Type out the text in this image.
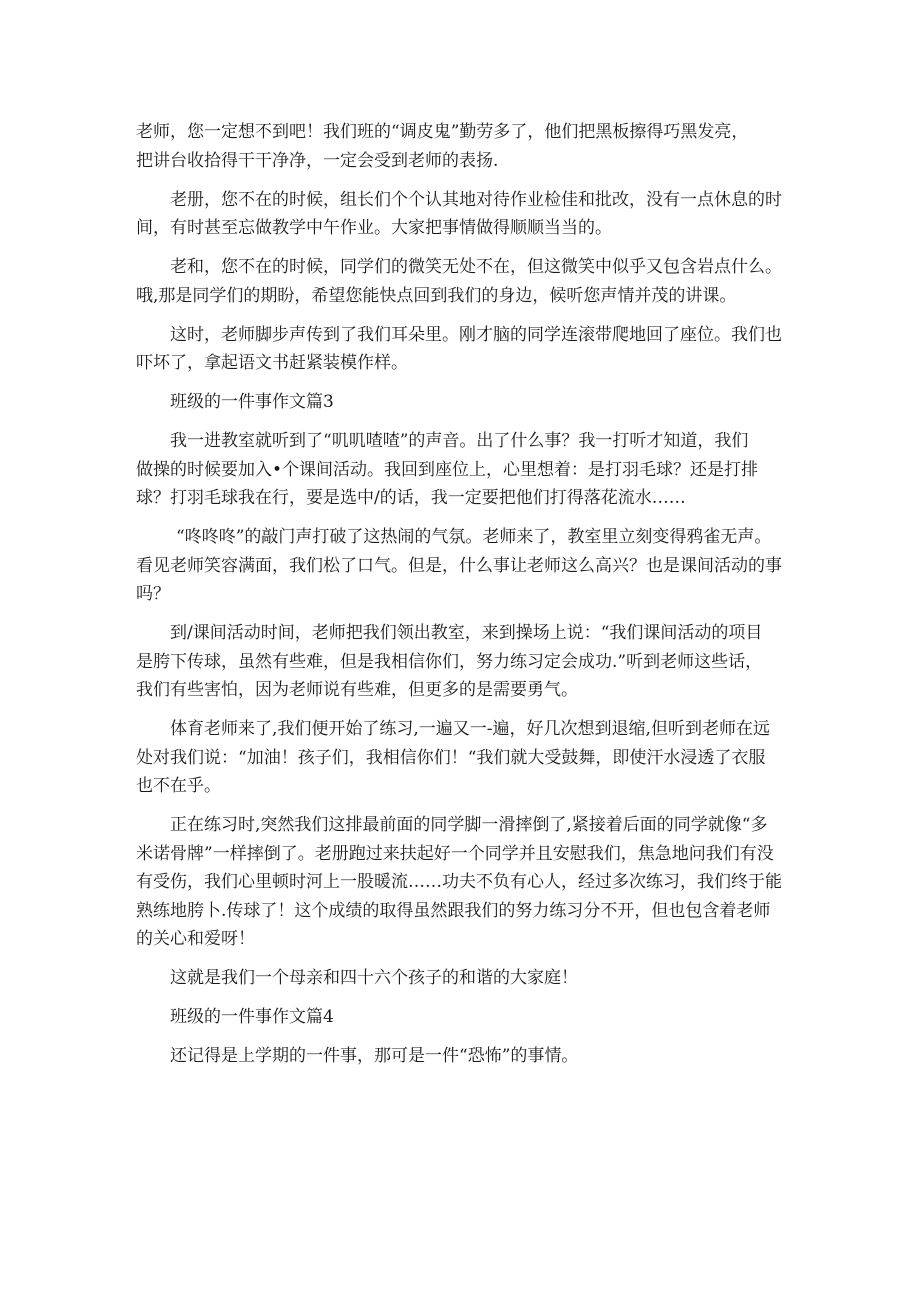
老师，您一定想不到吧！我们班的“调皮鬼”勤劳多了，他们把黑板擦得巧黑发亮，
把讲台收拾得干干净净，一定会受到老师的表扬.
老册，您不在的时候，组长们个个认其地对待作业检佳和批改，没有一点休息的时
间，有时甚至忘做教学中午作业。大家把事情做得顺顺当当的。
老和，您不在的时候，同学们的微笑无处不在，但这微笑中似乎又包含岩点什么。
哦,那是同学们的期盼，希望您能快点回到我们的身边，候听您声情并茂的讲课。
这时，老师脚步声传到了我们耳朵里。刚才脑的同学连滚带爬地回了座位。我们也
吓坏了，拿起语文书赶紧装模作样。
班级的一件事作文篇3
我一进教室就听到了“叽叽喳喳”的声音。出了什么事？我一打听才知道，我们
做操的时候要加入•个课间活动。我回到座位上，心里想着：是打羽毛球？还是打排
球？打羽毛球我在行，要是选中/的话，我一定要把他们打得落花流水……
“咚咚咚”的敲门声打破了这热闹的气氛。老师来了，教室里立刻变得鸦雀无声。
看见老师笑容满面，我们松了口气。但是，什么事让老师这么高兴？也是课间活动的事
吗？
到/课间活动时间，老师把我们领出教室，来到操场上说：“我们课间活动的项目
是胯下传球，虽然有些难，但是我相信你们，努力练习定会成功.”听到老师这些话，
我们有些害怕，因为老师说有些难，但更多的是需要勇气。
体育老师来了,我们便开始了练习,一遍又一-遍，好几次想到退缩,但听到老师在远
处对我们说：“加油！孩子们，我相信你们！“我们就大受鼓舞，即使汗水浸透了衣服
也不在乎。
正在练习时,突然我们这排最前面的同学脚一滑摔倒了,紧接着后面的同学就像“多
米诺骨牌”一样摔倒了。老册跑过来扶起好一个同学并且安慰我们，焦急地问我们有没
有受伤，我们心里顿时河上一股暖流……功夫不负有心人，经过多次练习，我们终于能
熟练地胯卜.传球了！这个成绩的取得虽然跟我们的努力练习分不开，但也包含着老师
的关心和爱呀！
这就是我们一个母亲和四十六个孩子的和谐的大家庭！
班级的一件事作文篇4
还记得是上学期的一件事，那可是一件“恐怖”的事情。
